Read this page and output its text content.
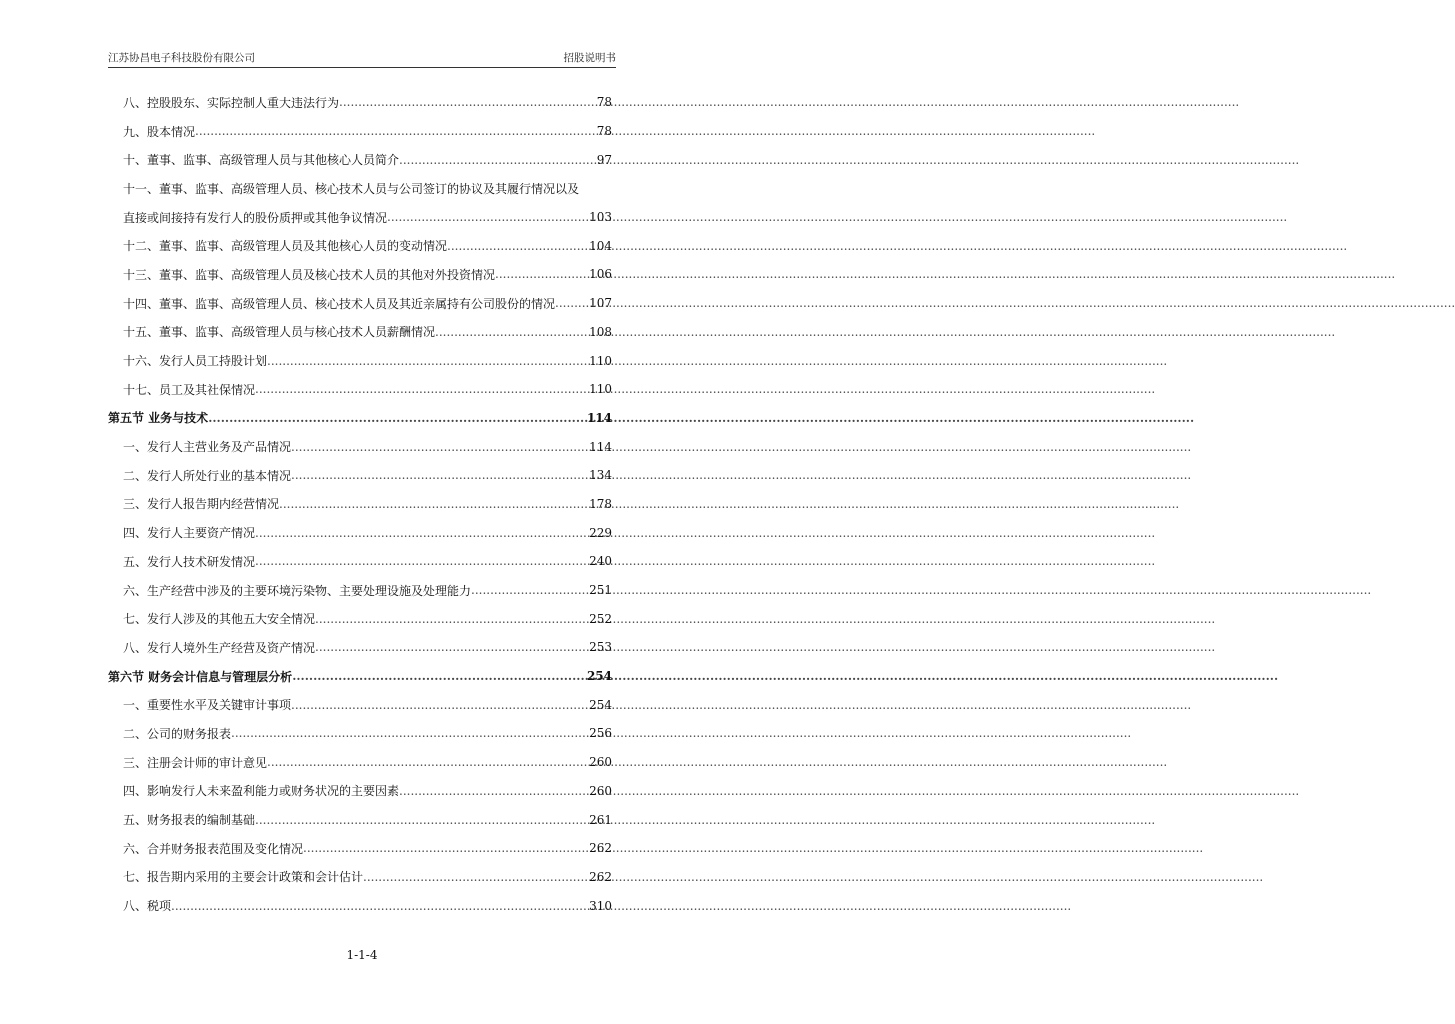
江苏协昌电子科技股份有限公司	招股说明书
八、控股股东、实际控制人重大违法行为 .....	78
九、股本情况 .....	78
十、董事、监事、高级管理人员与其他核心人员简介 .....	97
十一、董事、监事、高级管理人员、核心技术人员与公司签订的协议及其履行情况以及
直接或间接持有发行人的股份质押或其他争议情况 .....	103
十二、董事、监事、高级管理人员及其他核心人员的变动情况 .....	104
十三、董事、监事、高级管理人员及核心技术人员的其他对外投资情况 .....	106
十四、董事、监事、高级管理人员、核心技术人员及其近亲属持有公司股份的情况 .....	107
十五、董事、监事、高级管理人员与核心技术人员薪酬情况 .....	108
十六、发行人员工持股计划 .....	110
十七、员工及其社保情况 .....	110
第五节 业务与技术 .....	114
一、发行人主营业务及产品情况 .....	114
二、发行人所处行业的基本情况 .....	134
三、发行人报告期内经营情况 .....	178
四、发行人主要资产情况 .....	229
五、发行人技术研发情况 .....	240
六、生产经营中涉及的主要环境污染物、主要处理设施及处理能力 .....	251
七、发行人涉及的其他五大安全情况 .....	252
八、发行人境外生产经营及资产情况 .....	253
第六节 财务会计信息与管理层分析 .....	254
一、重要性水平及关键审计事项 .....	254
二、公司的财务报表 .....	256
三、注册会计师的审计意见 .....	260
四、影响发行人未来盈利能力或财务状况的主要因素 .....	260
五、财务报表的编制基础 .....	261
六、合并财务报表范围及变化情况 .....	262
七、报告期内采用的主要会计政策和会计估计 .....	262
八、税项 .....	310
1-1-4
